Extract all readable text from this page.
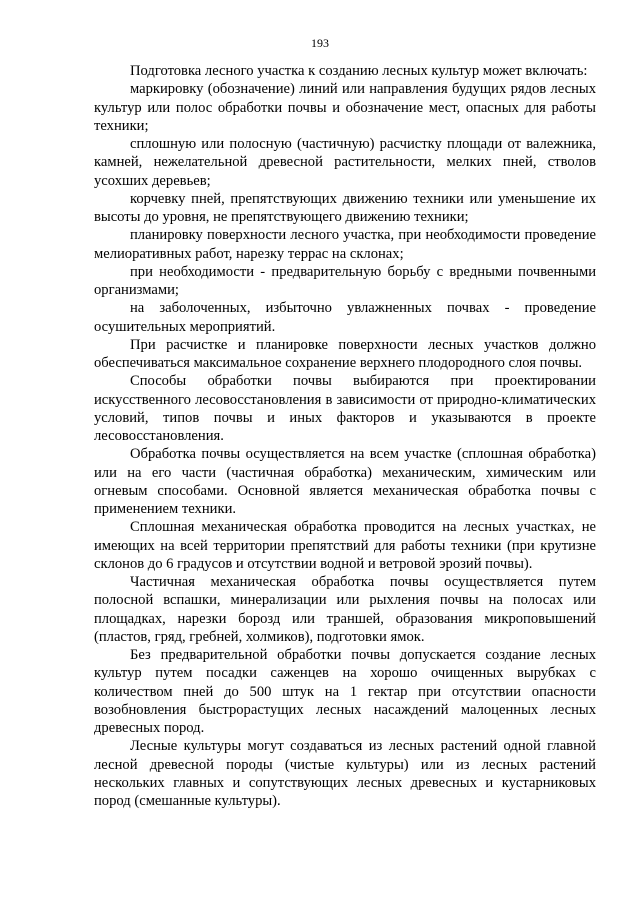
193

Подготовка лесного участка к созданию лесных культур может включать:

маркировку (обозначение) линий или направления будущих рядов лесных культур или полос обработки почвы и обозначение мест, опасных для работы техники;

сплошную или полосную (частичную) расчистку площади от валежника, камней, нежелательной древесной растительности, мелких пней, стволов усохших деревьев;

корчевку пней, препятствующих движению техники или уменьшение их высоты до уровня, не препятствующего движению техники;

планировку поверхности лесного участка, при необходимости проведение мелиоративных работ, нарезку террас на склонах;

при необходимости - предварительную борьбу с вредными почвенными организмами;

на заболоченных, избыточно увлажненных почвах - проведение осушительных мероприятий.

При расчистке и планировке поверхности лесных участков должно обеспечиваться максимальное сохранение верхнего плодородного слоя почвы.

Способы обработки почвы выбираются при проектировании искусственного лесовосстановления в зависимости от природно-климатических условий, типов почвы и иных факторов и указываются в проекте лесовосстановления.

Обработка почвы осуществляется на всем участке (сплошная обработка) или на его части (частичная обработка) механическим, химическим или огневым способами. Основной является механическая обработка почвы с применением техники.

Сплошная механическая обработка проводится на лесных участках, не имеющих на всей территории препятствий для работы техники (при крутизне склонов до 6 градусов и отсутствии водной и ветровой эрозий почвы).

Частичная механическая обработка почвы осуществляется путем полосной вспашки, минерализации или рыхления почвы на полосах или площадках, нарезки борозд или траншей, образования микроповышений (пластов, гряд, гребней, холмиков), подготовки ямок.

Без предварительной обработки почвы допускается создание лесных культур путем посадки саженцев на хорошо очищенных вырубках с количеством пней до 500 штук на 1 гектар при отсутствии опасности возобновления быстрорастущих лесных насаждений малоценных лесных древесных пород.

Лесные культуры могут создаваться из лесных растений одной главной лесной древесной породы (чистые культуры) или из лесных растений нескольких главных и сопутствующих лесных древесных и кустарниковых пород (смешанные культуры).
